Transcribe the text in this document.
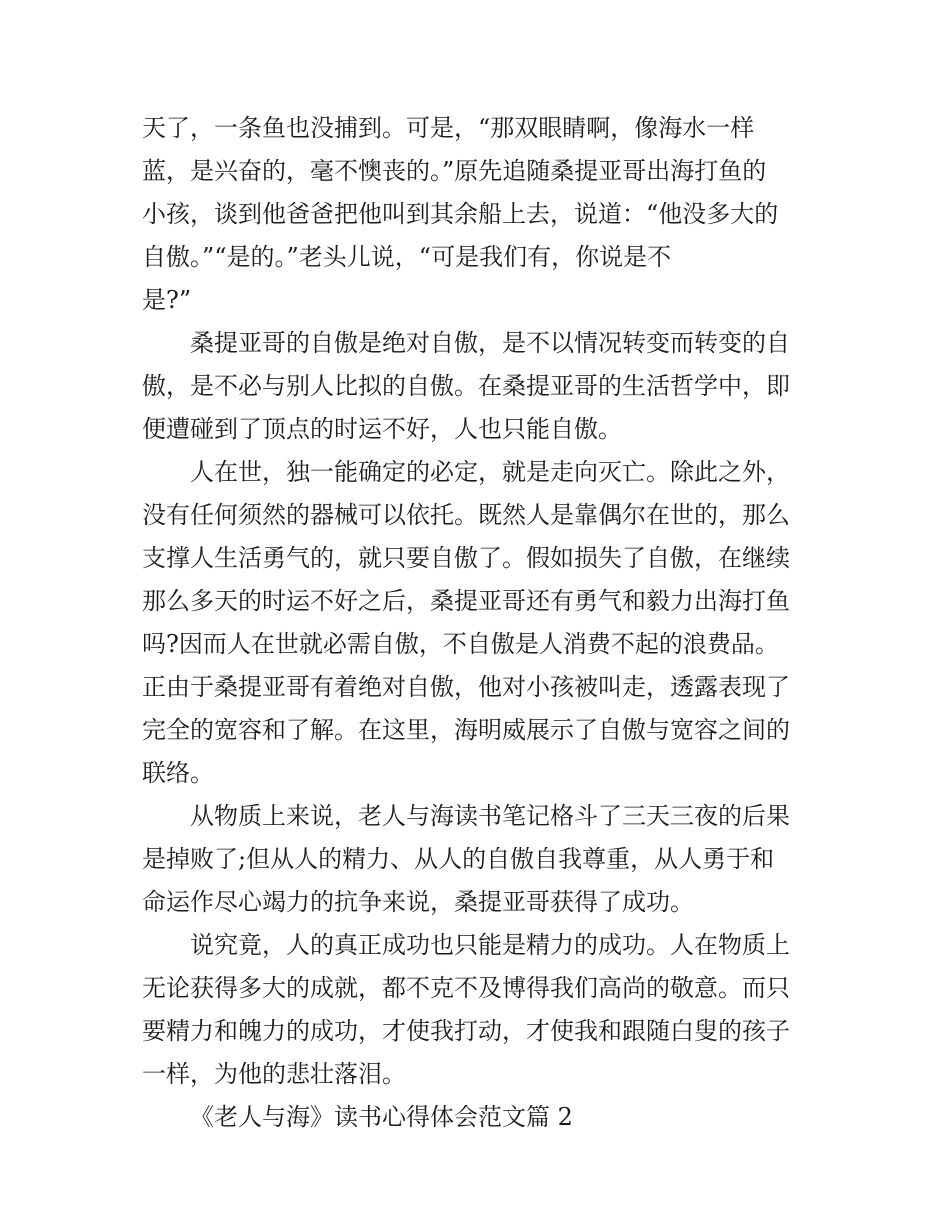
天了，一条鱼也没捕到。可是，“那双眼睛啊，像海水一样
蓝，是兴奋的，毫不懊丧的。”原先追随桑提亚哥出海打鱼的
小孩，谈到他爸爸把他叫到其余船上去，说道：“他没多大的
自傲。”“是的。”老头儿说，“可是我们有，你说是不
是?”
桑提亚哥的自傲是绝对自傲，是不以情况转变而转变的自
傲，是不必与别人比拟的自傲。在桑提亚哥的生活哲学中，即
便遭碰到了顶点的时运不好，人也只能自傲。
人在世，独一能确定的必定，就是走向灭亡。除此之外，
没有任何须然的器械可以依托。既然人是靠偶尔在世的，那么
支撑人生活勇气的，就只要自傲了。假如损失了自傲，在继续
那么多天的时运不好之后，桑提亚哥还有勇气和毅力出海打鱼
吗?因而人在世就必需自傲，不自傲是人消费不起的浪费品。
正由于桑提亚哥有着绝对自傲，他对小孩被叫走，透露表现了
完全的宽容和了解。在这里，海明威展示了自傲与宽容之间的
联络。
从物质上来说，老人与海读书笔记格斗了三天三夜的后果
是掉败了;但从人的精力、从人的自傲自我尊重，从人勇于和
命运作尽心竭力的抗争来说，桑提亚哥获得了成功。
说究竟，人的真正成功也只能是精力的成功。人在物质上
无论获得多大的成就，都不克不及博得我们高尚的敬意。而只
要精力和魄力的成功，才使我打动，才使我和跟随白叟的孩子
一样，为他的悲壮落泪。
《老人与海》读书心得体会范文篇 2
